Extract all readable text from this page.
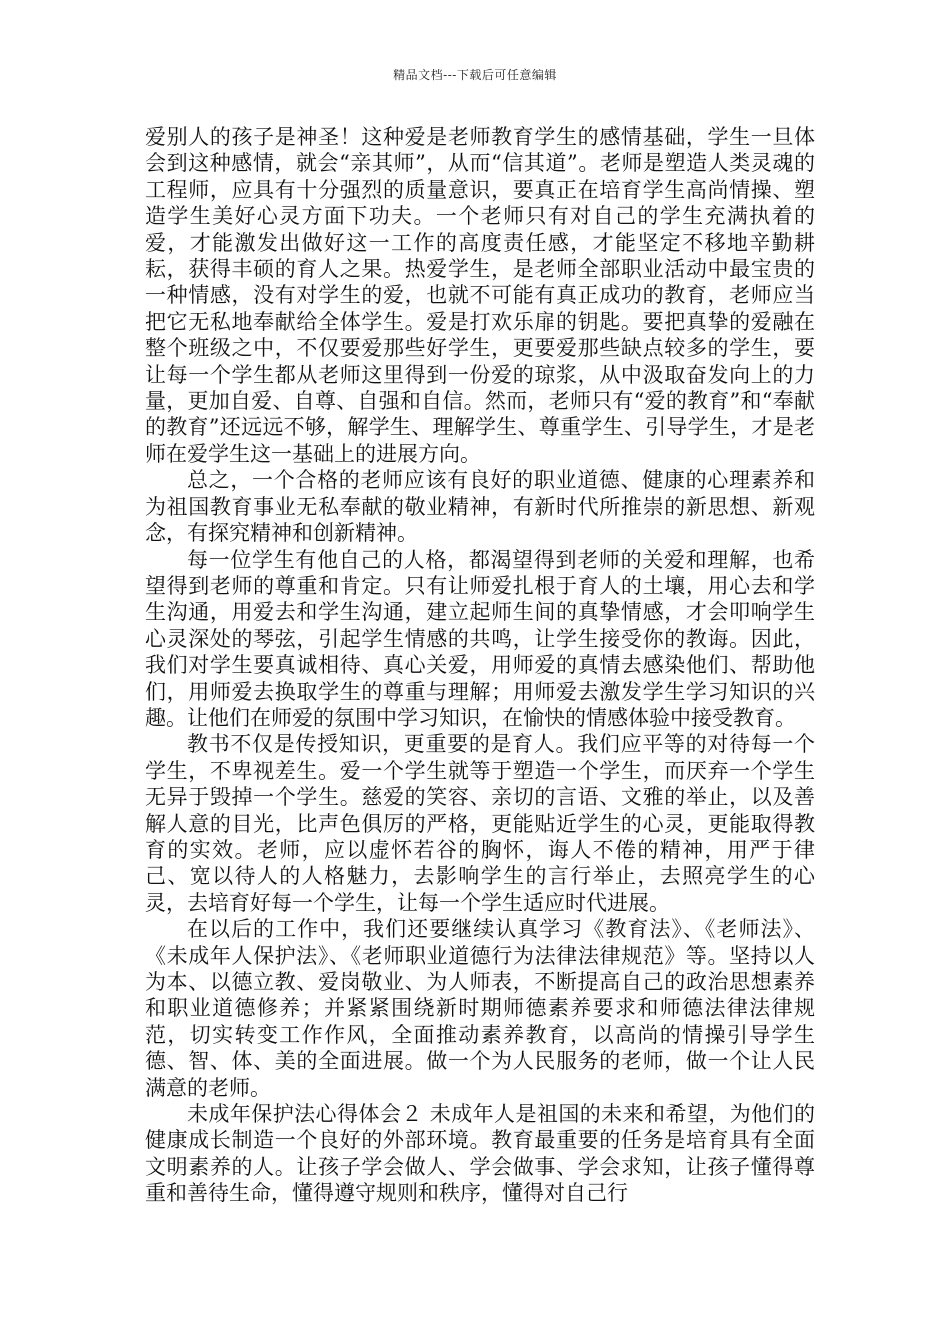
精品文档---下载后可任意编辑

爱别人的孩子是神圣！这种爱是老师教育学生的感情基础，学生一旦体会到这种感情，就会“亲其师”，从而“信其道”。老师是塑造人类灵魂的工程师，应具有十分强烈的质量意识，要真正在培育学生高尚情操、塑造学生美好心灵方面下功夫。一个老师只有对自己的学生充满执着的爱，才能激发出做好这一工作的高度责任感，才能坚定不移地辛勤耕耘，获得丰硕的育人之果。热爱学生，是老师全部职业活动中最宝贵的一种情感，没有对学生的爱，也就不可能有真正成功的教育，老师应当把它无私地奉献给全体学生。爱是打欢乐扉的钥匙。要把真挚的爱融在整个班级之中，不仅要爱那些好学生，更要爱那些缺点较多的学生，要让每一个学生都从老师这里得到一份爱的琼浆，从中汲取奋发向上的力量，更加自爱、自尊、自强和自信。然而，老师只有“爱的教育”和“奉献的教育”还远远不够，解学生、理解学生、尊重学生、引导学生，才是老师在爱学生这一基础上的进展方向。

总之，一个合格的老师应该有良好的职业道德、健康的心理素养和为祖国教育事业无私奉献的敬业精神，有新时代所推崇的新思想、新观念，有探究精神和创新精神。

每一位学生有他自己的人格，都渴望得到老师的关爱和理解，也希望得到老师的尊重和肯定。只有让师爱扎根于育人的土壤，用心去和学生沟通，用爱去和学生沟通，建立起师生间的真挚情感，才会叩响学生心灵深处的琴弦，引起学生情感的共鸣，让学生接受你的教诲。因此，我们对学生要真诚相待、真心关爱，用师爱的真情去感染他们、帮助他们，用师爱去换取学生的尊重与理解；用师爱去激发学生学习知识的兴趣。让他们在师爱的氛围中学习知识，在愉快的情感体验中接受教育。

教书不仅是传授知识，更重要的是育人。我们应平等的对待每一个学生，不卑视差生。爱一个学生就等于塑造一个学生，而厌弃一个学生无异于毁掉一个学生。慈爱的笑容、亲切的言语、文雅的举止，以及善解人意的目光，比声色俱厉的严格，更能贴近学生的心灵，更能取得教育的实效。老师，应以虚怀若谷的胸怀，诲人不倦的精神，用严于律己、宽以待人的人格魅力，去影响学生的言行举止，去照亮学生的心灵，去培育好每一个学生，让每一个学生适应时代进展。

在以后的工作中，我们还要继续认真学习《教育法》、《老师法》、《未成年人保护法》、《老师职业道德行为法律法律规范》等。坚持以人为本、以德立教、爱岗敬业、为人师表，不断提高自己的政治思想素养和职业道德修养；并紧紧围绕新时期师德素养要求和师德法律法律规范，切实转变工作作风，全面推动素养教育，以高尚的情操引导学生德、智、体、美的全面进展。做一个为人民服务的老师，做一个让人民满意的老师。

未成年保护法心得体会２ 未成年人是祖国的未来和希望，为他们的健康成长制造一个良好的外部环境。教育最重要的任务是培育具有全面文明素养的人。让孩子学会做人、学会做事、学会求知，让孩子懂得尊重和善待生命，懂得遵守规则和秩序，懂得对自己行
